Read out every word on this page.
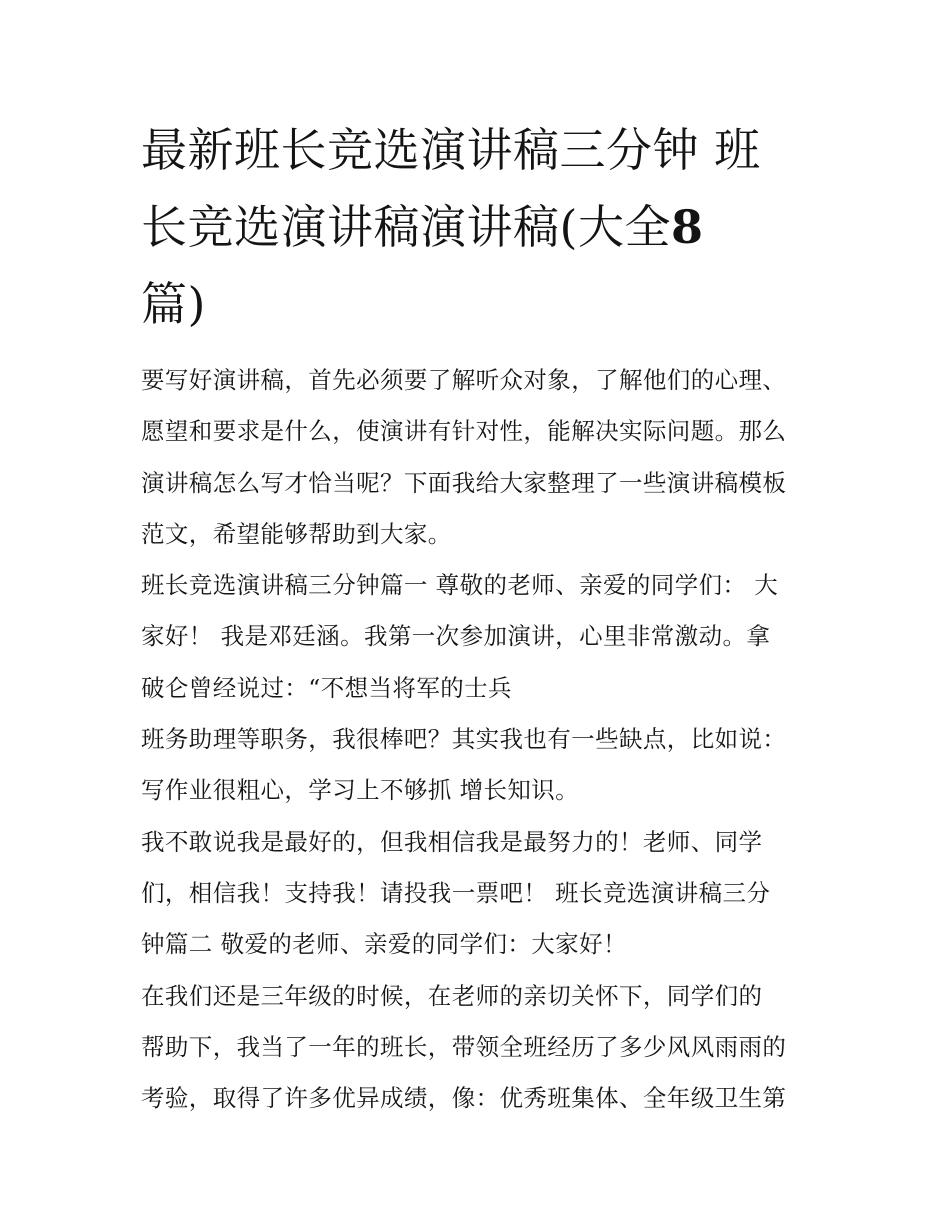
最新班长竞选演讲稿三分钟 班
长竞选演讲稿演讲稿(大全8
篇)
要写好演讲稿，首先必须要了解听众对象，了解他们的心理、
愿望和要求是什么，使演讲有针对性，能解决实际问题。那么
演讲稿怎么写才恰当呢？下面我给大家整理了一些演讲稿模板
范文，希望能够帮助到大家。
班长竞选演讲稿三分钟篇一 尊敬的老师、亲爱的同学们： 大
家好！ 我是邓廷涵。我第一次参加演讲，心里非常激动。拿
破仑曾经说过：“不想当将军的士兵
班务助理等职务，我很棒吧？其实我也有一些缺点，比如说：
写作业很粗心，学习上不够抓 增长知识。
我不敢说我是最好的，但我相信我是最努力的！老师、同学
们，相信我！支持我！请投我一票吧！ 班长竞选演讲稿三分
钟篇二 敬爱的老师、亲爱的同学们：大家好！
在我们还是三年级的时候，在老师的亲切关怀下，同学们的
帮助下，我当了一年的班长，带领全班经历了多少风风雨雨的
考验，取得了许多优异成绩，像：优秀班集体、全年级卫生第
